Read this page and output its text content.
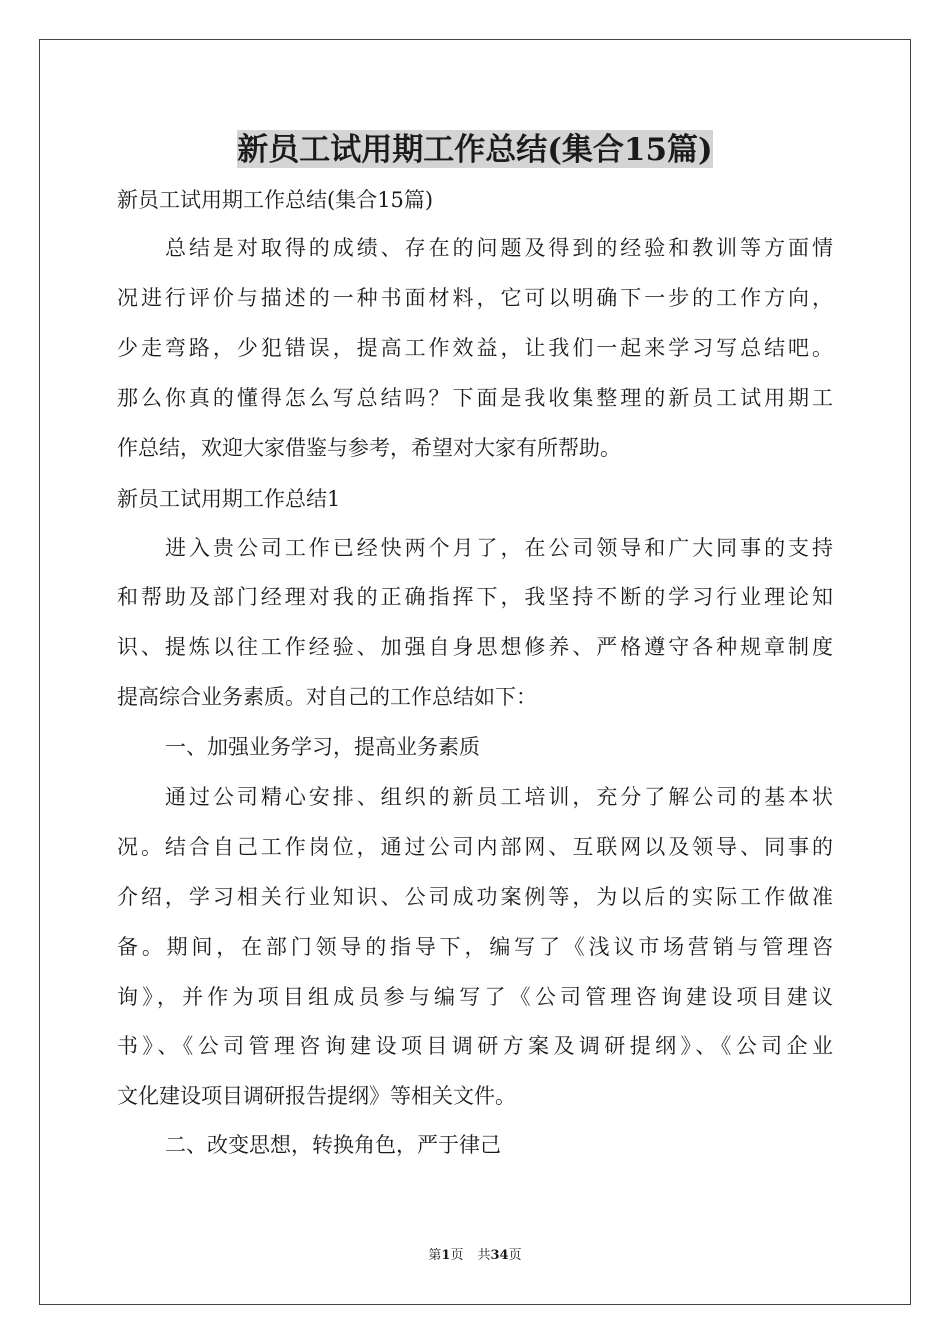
新员工试用期工作总结(集合15篇)
新员工试用期工作总结(集合15篇)
总结是对取得的成绩、存在的问题及得到的经验和教训等方面情
况进行评价与描述的一种书面材料，它可以明确下一步的工作方向，
少走弯路，少犯错误，提高工作效益，让我们一起来学习写总结吧。
那么你真的懂得怎么写总结吗？下面是我收集整理的新员工试用期工
作总结，欢迎大家借鉴与参考，希望对大家有所帮助。
新员工试用期工作总结1
进入贵公司工作已经快两个月了，在公司领导和广大同事的支持
和帮助及部门经理对我的正确指挥下，我坚持不断的学习行业理论知
识、提炼以往工作经验、加强自身思想修养、严格遵守各种规章制度
提高综合业务素质。对自己的工作总结如下：
一、加强业务学习，提高业务素质
通过公司精心安排、组织的新员工培训，充分了解公司的基本状
况。结合自己工作岗位，通过公司内部网、互联网以及领导、同事的
介绍，学习相关行业知识、公司成功案例等，为以后的实际工作做准
备。期间，在部门领导的指导下，编写了《浅议市场营销与管理咨
询》，并作为项目组成员参与编写了《公司管理咨询建设项目建议
书》、《公司管理咨询建设项目调研方案及调研提纲》、《公司企业
文化建设项目调研报告提纲》等相关文件。
二、改变思想，转换角色，严于律己
第1页 共34页
